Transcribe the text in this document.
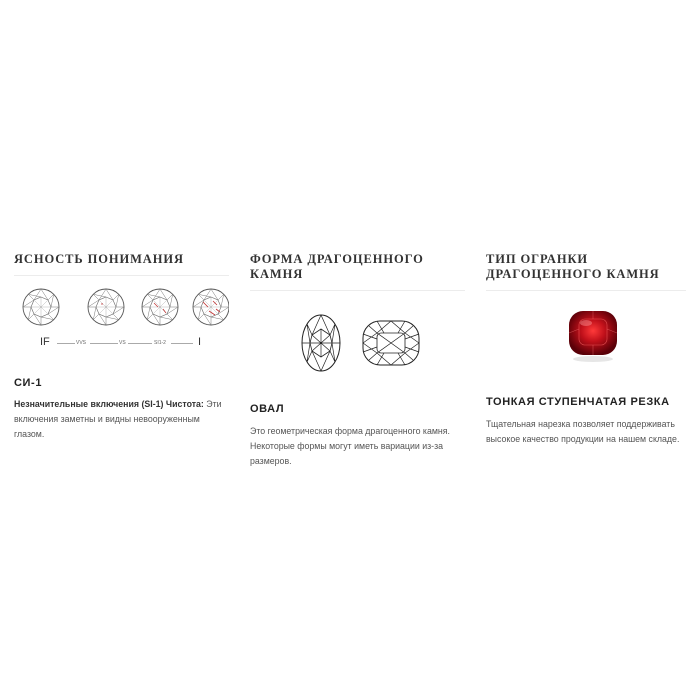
ЯСНОСТЬ ПОНИМАНИЯ
IF	VVS	VS	SI1-2	I

СИ-1

Незначительные включения (SI-1) Чистота: Эти включения заметны и видны невооруженным глазом.

ФОРМА ДРАГОЦЕННОГО КАМНЯ

ОВАЛ

Это геометрическая форма драгоценного камня. Некоторые формы могут иметь вариации из-за размеров.

ТИП ОГРАНКИ ДРАГОЦЕННОГО КАМНЯ

ТОНКАЯ СТУПЕНЧАТАЯ РЕЗКА

Тщательная нарезка позволяет поддерживать высокое качество продукции на нашем складе.
